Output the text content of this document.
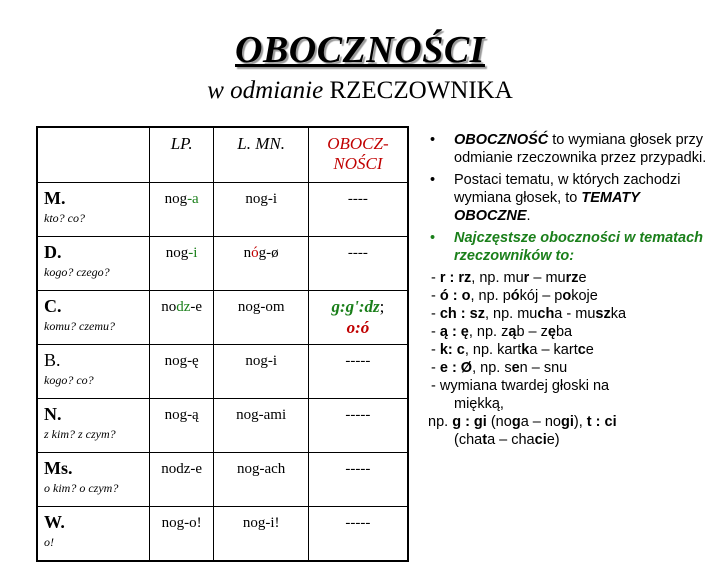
OBOCZNOŚCI
w odmianie RZECZOWNIKA
	LP.	L. MN.	OBOCZ-
NOŚCI

M.
kto? co?	nog-a	nog-i	----

D.
kogo? czego?	nog-i	nóg-ø	----

C.
komu? czemu?	nodz-e	nog-om	g:g':dz;
o:ó

B.
kogo? co?	nog-ę	nog-i	-----

N.
z kim? z czym?	nog-ą	nog-ami	-----

Ms.
o kim? o czym?	nodz-e	nog-ach	-----

W.
o!	nog-o!	nog-i!	-----
• OBOCZNOŚĆ to wymiana głosek przy odmianie rzeczownika przez przypadki.
• Postaci tematu, w których zachodzi wymiana głosek, to TEMATY OBOCZNE.
• Najczęstsze oboczności w tematach rzeczowników to:

- r : rz, np. mur – murze

- ó : o, np. pókój – pokoje

- ch : sz, np. mucha - muszka

- ą : ę, np. ząb – zęba

- k: c, np. kartka – kartce

- e : Ø, np. sen – snu

- wymiana twardej głoski na

miękką,

np. g : gi (noga – nogi), t : ci

(chata – chacie)
